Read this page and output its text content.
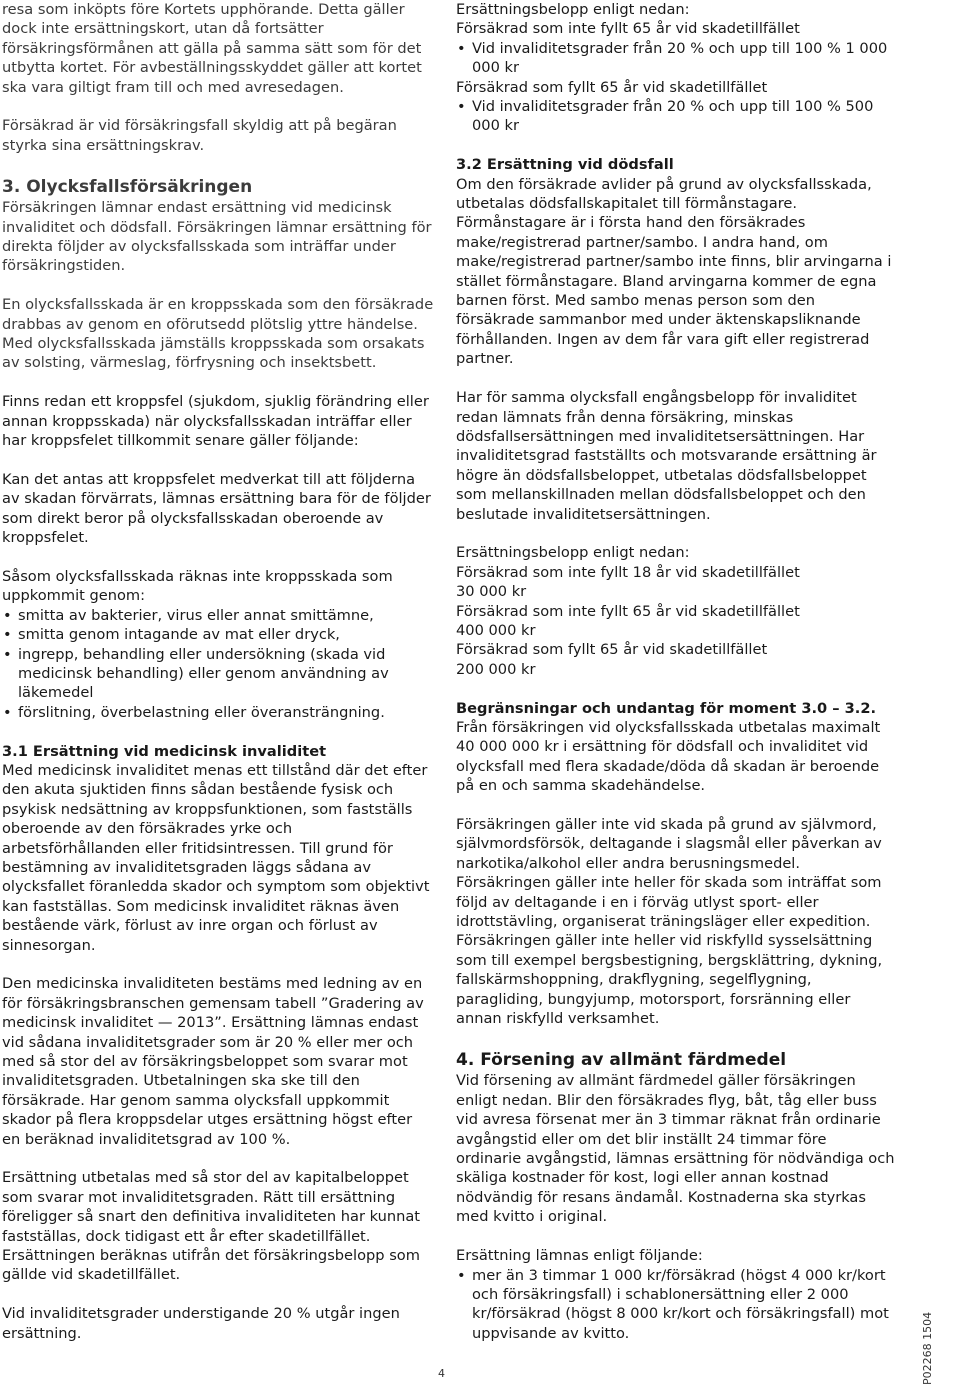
resa som inköpts före Kortets upphörande. Detta gäller dock inte ersättningskort, utan då fortsätter försäkringsförmånen att gälla på samma sätt som för det utbytta kortet. För avbeställningsskyddet gäller att kortet ska vara giltigt fram till och med avresedagen.

Försäkrad är vid försäkringsfall skyldig att på begäran styrka sina ersättningskrav.

3. Olycksfallsförsäkringen

Försäkringen lämnar endast ersättning vid medicinsk invaliditet och dödsfall. Försäkringen lämnar ersättning för direkta följder av olycksfallsskada som inträffar under försäkringstiden.

En olycksfallsskada är en kroppsskada som den försäkrade drabbas av genom en oförutsedd plötslig yttre händelse. Med olycksfallsskada jämställs kroppsskada som orsakats av solsting, värmeslag, förfrysning och insektsbett.

Finns redan ett kroppsfel (sjukdom, sjuklig förändring eller annan kroppsskada) när olycksfallsskadan inträffar eller har kroppsfelet tillkommit senare gäller följande:

Kan det antas att kroppsfelet medverkat till att följderna av skadan förvärrats, lämnas ersättning bara för de följder som direkt beror på olycksfallsskadan oberoende av kroppsfelet.

Såsom olycksfallsskada räknas inte kroppsskada som uppkommit genom:

• smitta av bakterier, virus eller annat smittämne,
• smitta genom intagande av mat eller dryck,
• ingrepp, behandling eller undersökning (skada vid medicinsk behandling) eller genom användning av läkemedel
• förslitning, överbelastning eller överansträngning.

3.1 Ersättning vid medicinsk invaliditet

Med medicinsk invaliditet menas ett tillstånd där det efter den akuta sjuktiden finns sådan bestående fysisk och psykisk nedsättning av kroppsfunktionen, som fastställs oberoende av den försäkrades yrke och arbetsförhållanden eller fritidsintressen. Till grund för bestämning av invaliditetsgraden läggs sådana av olycksfallet föranledda skador och symptom som objektivt kan fastställas. Som medicinsk invaliditet räknas även bestående värk, förlust av inre organ och förlust av sinnesorgan.

Den medicinska invaliditeten bestäms med ledning av en för försäkringsbranschen gemensam tabell ”Gradering av medicinsk invaliditet — 2013”. Ersättning lämnas endast vid sådana invaliditetsgrader som är 20 % eller mer och med så stor del av försäkringsbeloppet som svarar mot invaliditetsgraden. Utbetalningen ska ske till den försäkrade. Har genom samma olycksfall uppkommit skador på flera kroppsdelar utges ersättning högst efter en beräknad invaliditetsgrad av 100 %.

Ersättning utbetalas med så stor del av kapitalbeloppet som svarar mot invaliditetsgraden. Rätt till ersättning föreligger så snart den definitiva invaliditeten har kunnat fastställas, dock tidigast ett år efter skadetillfället. Ersättningen beräknas utifrån det försäkringsbelopp som gällde vid skadetillfället.

Vid invaliditetsgrader understigande 20 % utgår ingen ersättning.

Ersättningsbelopp enligt nedan:

Försäkrad som inte fyllt 65 år vid skadetillfället

• Vid invaliditetsgrader från 20 % och upp till 100 % 1 000 000 kr

Försäkrad som fyllt 65 år vid skadetillfället

• Vid invaliditetsgrader från 20 % och upp till 100 % 500 000 kr

3.2 Ersättning vid dödsfall

Om den försäkrade avlider på grund av olycksfallsskada, utbetalas dödsfallskapitalet till förmånstagare. Förmånstagare är i första hand den försäkrades make/registrerad partner/sambo. I andra hand, om make/registrerad partner/sambo inte finns, blir arvingarna i stället förmånstagare. Bland arvingarna kommer de egna barnen först. Med sambo menas person som den försäkrade sammanbor med under äktenskapsliknande förhållanden. Ingen av dem får vara gift eller registrerad partner.

Har för samma olycksfall engångsbelopp för invaliditet redan lämnats från denna försäkring, minskas dödsfallsersättningen med invaliditetsersättningen. Har invaliditetsgrad fastställts och motsvarande ersättning är högre än dödsfallsbeloppet, utbetalas dödsfallsbeloppet som mellanskillnaden mellan dödsfallsbeloppet och den beslutade invaliditetsersättningen.

Ersättningsbelopp enligt nedan:

Försäkrad som inte fyllt 18 år vid skadetillfället

30 000 kr

Försäkrad som inte fyllt 65 år vid skadetillfället

400 000 kr

Försäkrad som fyllt 65 år vid skadetillfället

200 000 kr

Begränsningar och undantag för moment 3.0 – 3.2.

Från försäkringen vid olycksfallsskada utbetalas maximalt 40 000 000 kr i ersättning för dödsfall och invaliditet vid olycksfall med flera skadade/döda då skadan är beroende på en och samma skadehändelse.

Försäkringen gäller inte vid skada på grund av självmord, självmordsförsök, deltagande i slagsmål eller påverkan av narkotika/alkohol eller andra berusningsmedel. Försäkringen gäller inte heller för skada som inträffat som följd av deltagande i en i förväg utlyst sport- eller idrottstävling, organiserat träningsläger eller expedition. Försäkringen gäller inte heller vid riskfylld sysselsättning som till exempel bergsbestigning, bergsklättring, dykning, fallskärmshoppning, drakflygning, segelflygning, paragliding, bungyjump, motorsport, forsränning eller annan riskfylld verksamhet.

4. Försening av allmänt färdmedel

Vid försening av allmänt färdmedel gäller försäkringen enligt nedan. Blir den försäkrades flyg, båt, tåg eller buss vid avresa försenat mer än 3 timmar räknat från ordinarie avgångstid eller om det blir inställt 24 timmar före ordinarie avgångstid, lämnas ersättning för nödvändiga och skäliga kostnader för kost, logi eller annan kostnad nödvändig för resans ändamål. Kostnaderna ska styrkas med kvitto i original.

Ersättning lämnas enligt följande:

• mer än 3 timmar 1 000 kr/försäkrad (högst 4 000 kr/kort och försäkringsfall) i schablonersättning eller 2 000 kr/försäkrad (högst 8 000 kr/kort och försäkringsfall) mot uppvisande av kvitto.
4	P02268 1504
